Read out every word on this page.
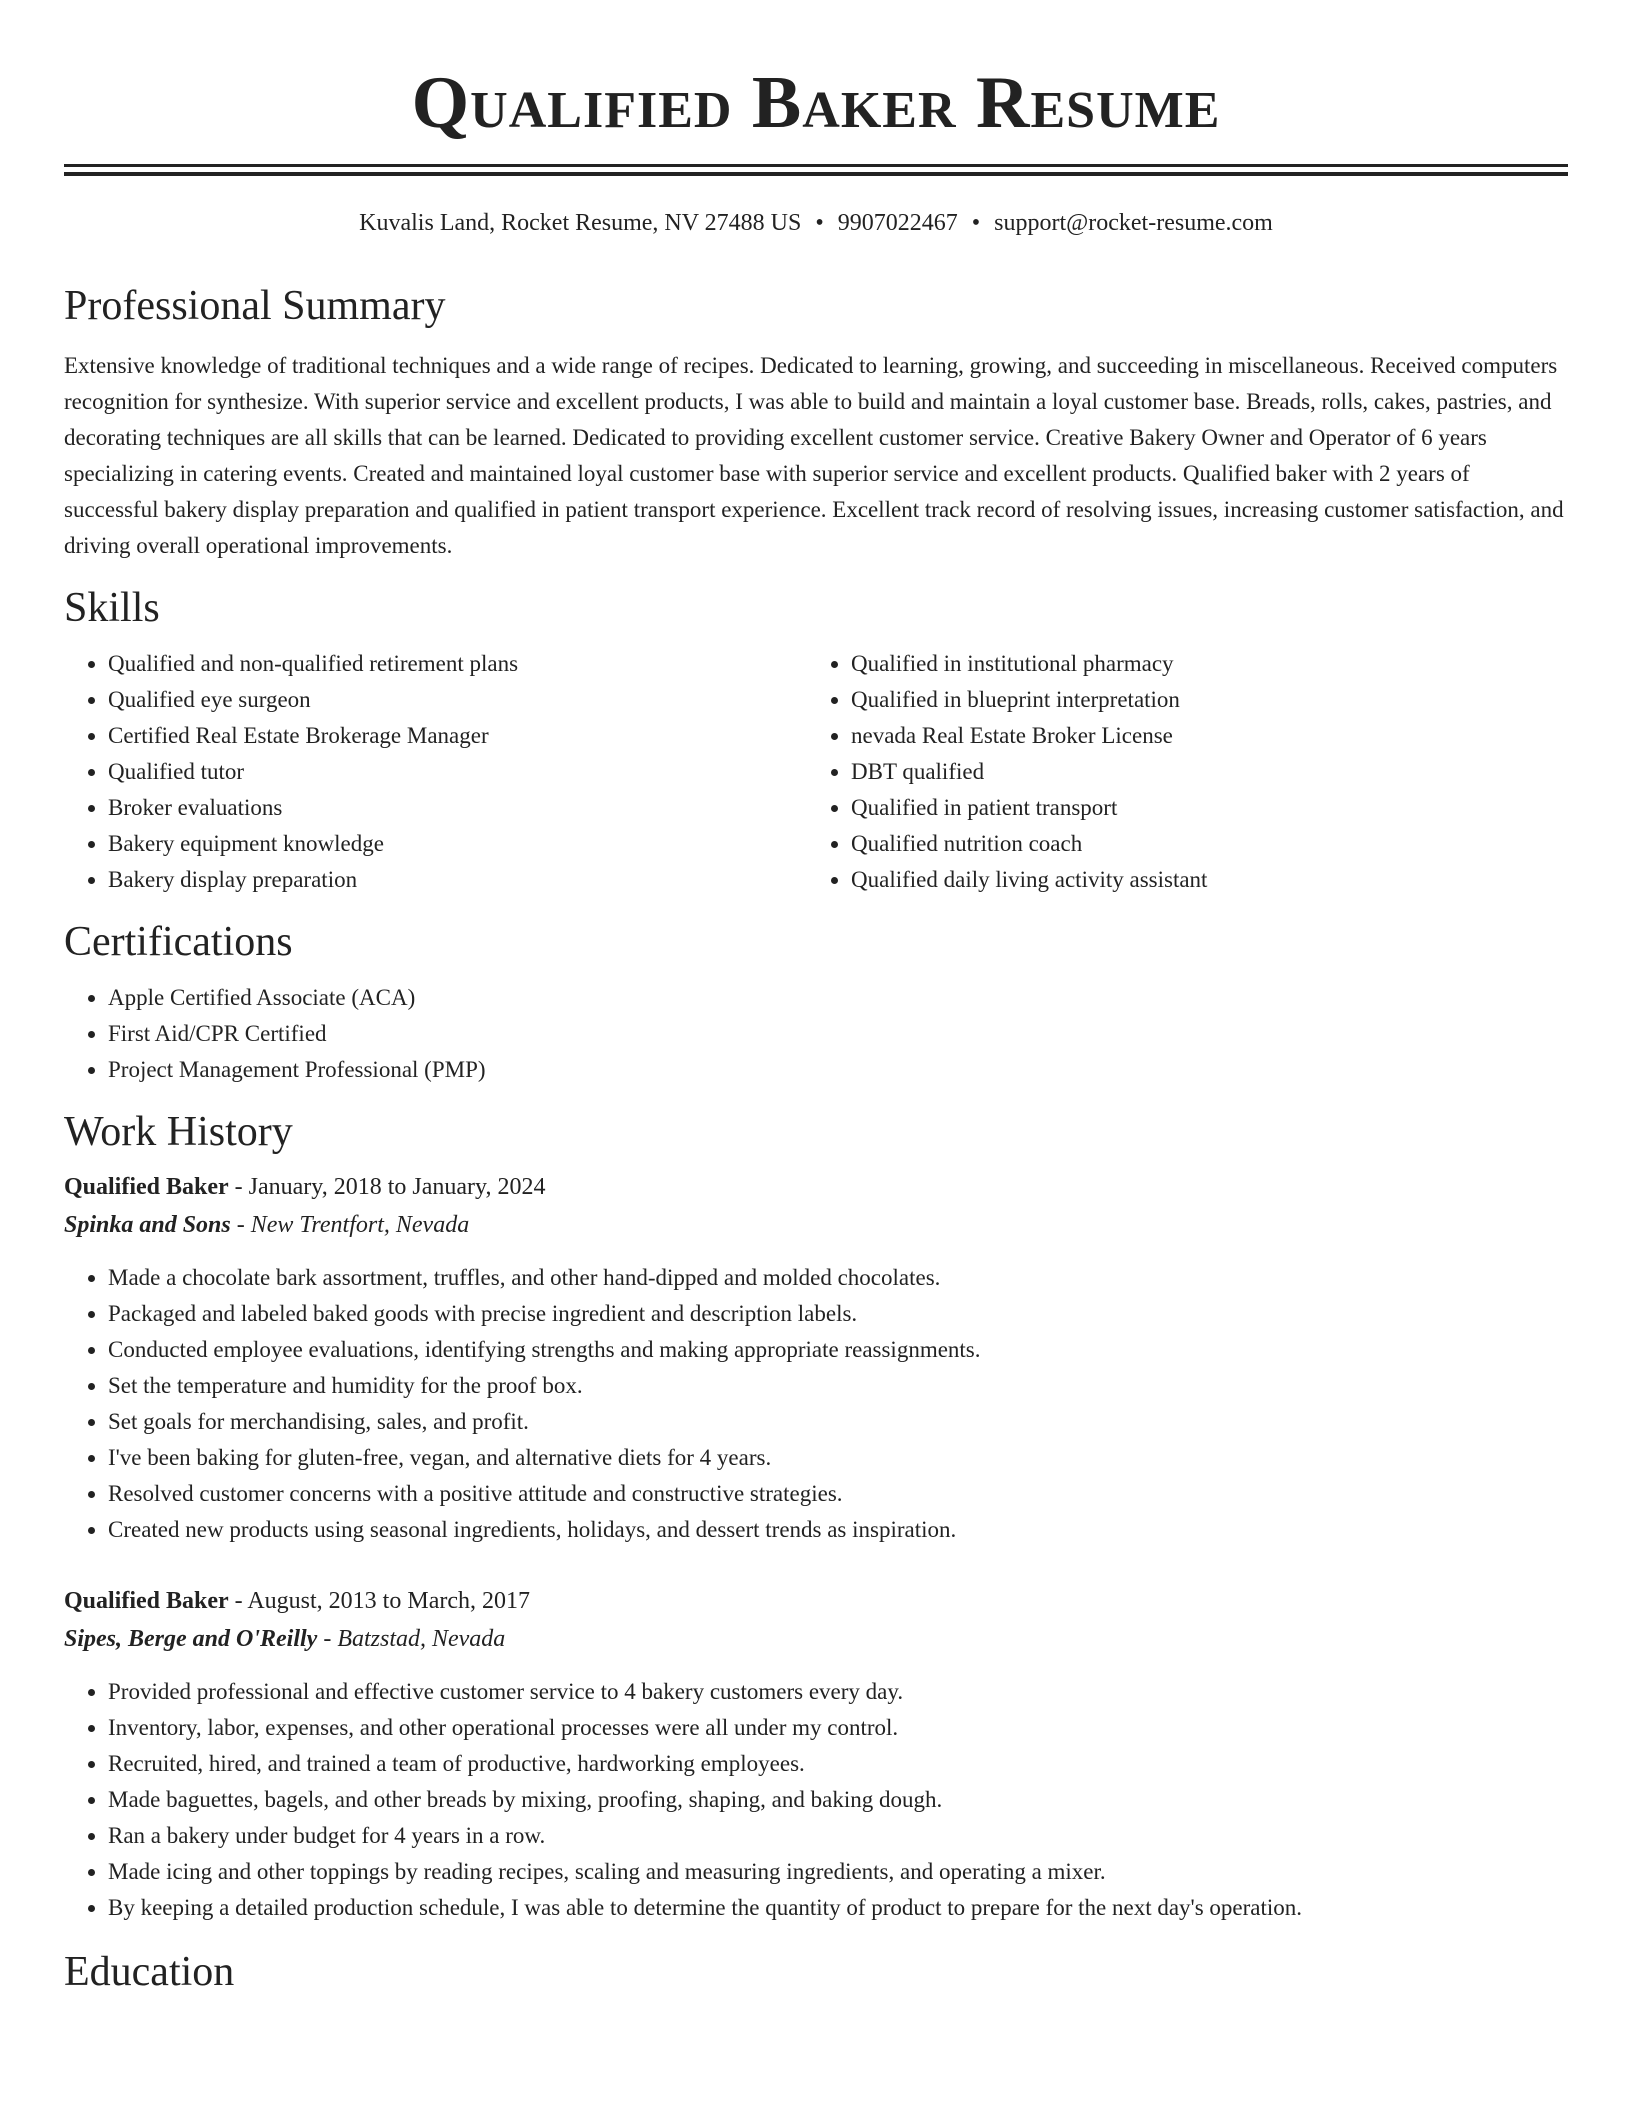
Qualified Baker Resume
Kuvalis Land, Rocket Resume, NV 27488 US • 9907022467 • support@rocket-resume.com
Professional Summary

Extensive knowledge of traditional techniques and a wide range of recipes. Dedicated to learning, growing, and succeeding in miscellaneous. Received computers recognition for synthesize. With superior service and excellent products, I was able to build and maintain a loyal customer base. Breads, rolls, cakes, pastries, and decorating techniques are all skills that can be learned. Dedicated to providing excellent customer service. Creative Bakery Owner and Operator of 6 years specializing in catering events. Created and maintained loyal customer base with superior service and excellent products. Qualified baker with 2 years of successful bakery display preparation and qualified in patient transport experience. Excellent track record of resolving issues, increasing customer satisfaction, and driving overall operational improvements.

Skills
• Qualified and non-qualified retirement plans
• Qualified eye surgeon
• Certified Real Estate Brokerage Manager
• Qualified tutor
• Broker evaluations
• Bakery equipment knowledge
• Bakery display preparation
• Qualified in institutional pharmacy
• Qualified in blueprint interpretation
• nevada Real Estate Broker License
• DBT qualified
• Qualified in patient transport
• Qualified nutrition coach
• Qualified daily living activity assistant
Certifications
• Apple Certified Associate (ACA)
• First Aid/CPR Certified
• Project Management Professional (PMP)
Work History
Qualified Baker - January, 2018 to January, 2024
Spinka and Sons - New Trentfort, Nevada
• Made a chocolate bark assortment, truffles, and other hand-dipped and molded chocolates.
• Packaged and labeled baked goods with precise ingredient and description labels.
• Conducted employee evaluations, identifying strengths and making appropriate reassignments.
• Set the temperature and humidity for the proof box.
• Set goals for merchandising, sales, and profit.
• I've been baking for gluten-free, vegan, and alternative diets for 4 years.
• Resolved customer concerns with a positive attitude and constructive strategies.
• Created new products using seasonal ingredients, holidays, and dessert trends as inspiration.
Qualified Baker - August, 2013 to March, 2017
Sipes, Berge and O'Reilly - Batzstad, Nevada
• Provided professional and effective customer service to 4 bakery customers every day.
• Inventory, labor, expenses, and other operational processes were all under my control.
• Recruited, hired, and trained a team of productive, hardworking employees.
• Made baguettes, bagels, and other breads by mixing, proofing, shaping, and baking dough.
• Ran a bakery under budget for 4 years in a row.
• Made icing and other toppings by reading recipes, scaling and measuring ingredients, and operating a mixer.
• By keeping a detailed production schedule, I was able to determine the quantity of product to prepare for the next day's operation.
Education
